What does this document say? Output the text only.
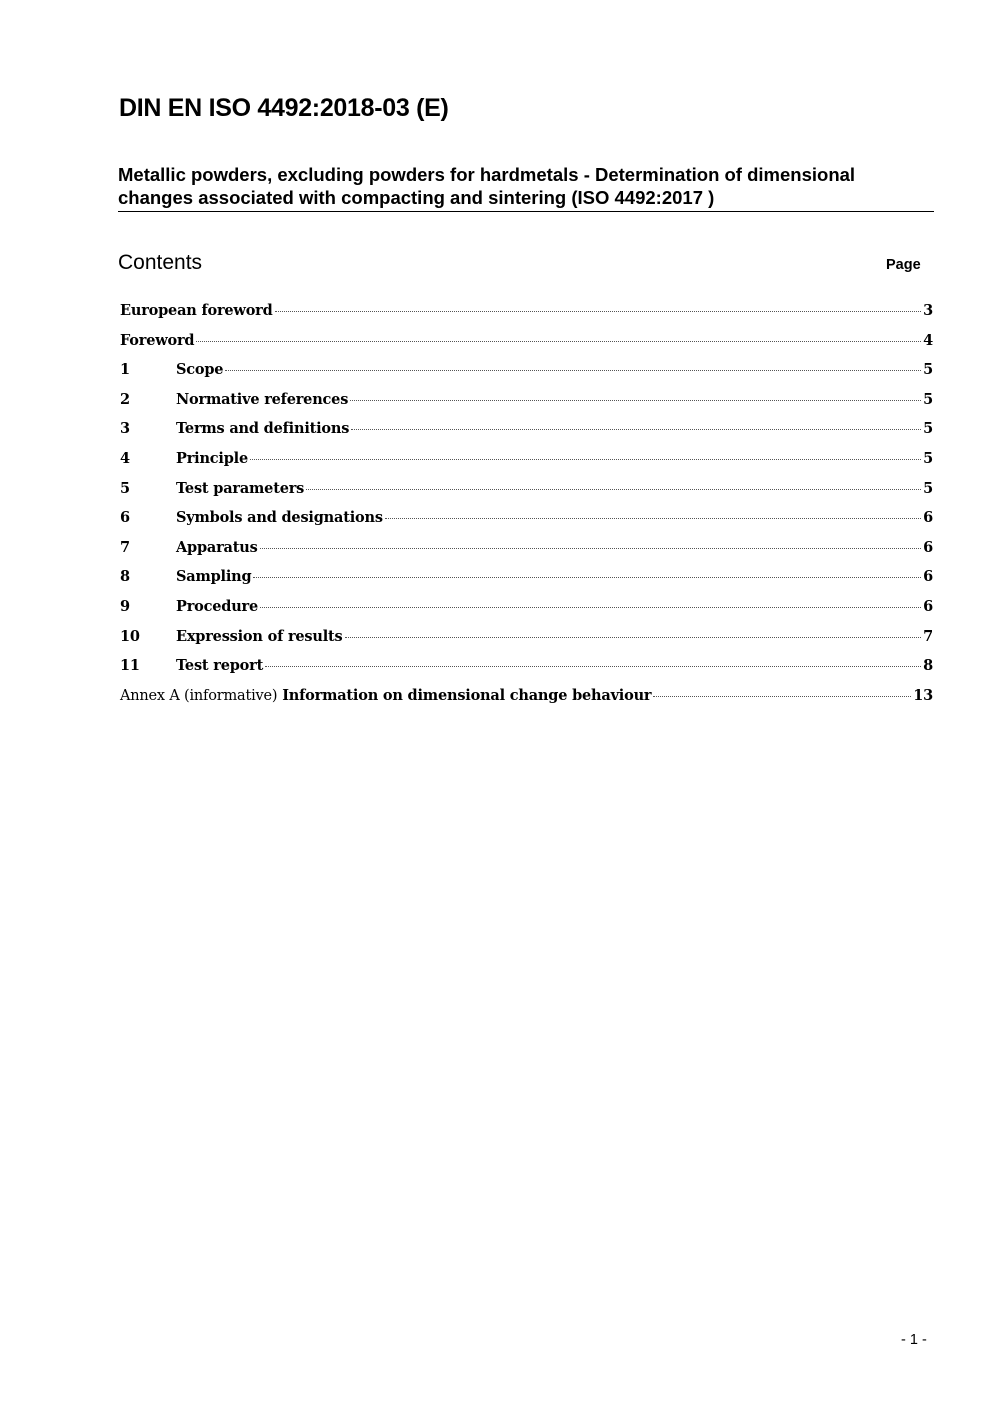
DIN EN ISO 4492:2018-03 (E)
Metallic powders, excluding powders for hardmetals - Determination of dimensional
changes associated with compacting and sintering (ISO 4492:2017 )
Contents	Page
European foreword	3
Foreword	4
1	Scope	5
2	Normative references	5
3	Terms and definitions	5
4	Principle	5
5	Test parameters	5
6	Symbols and designations	6
7	Apparatus	6
8	Sampling	6
9	Procedure	6
10	Expression of results	7
11	Test report	8
Annex A (informative) Information on dimensional change behaviour	13
- 1 -
